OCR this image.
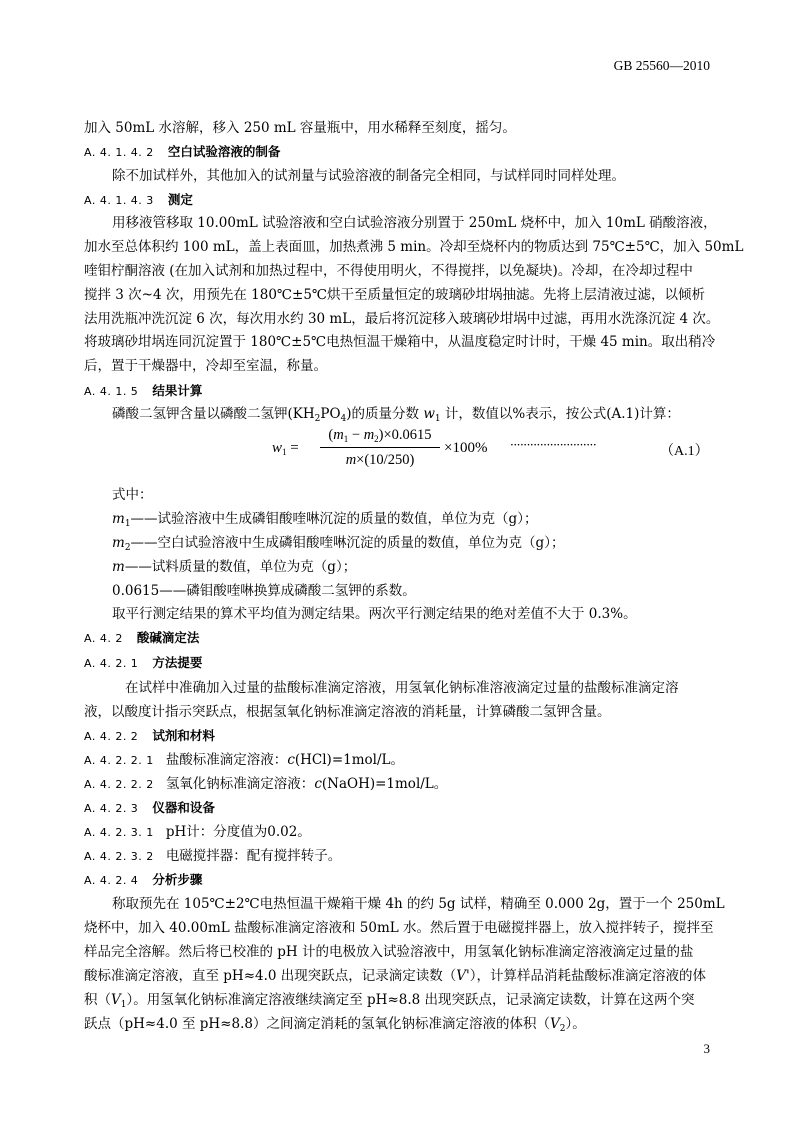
GB 25560—2010
加入 50mL 水溶解，移入 250 mL 容量瓶中，用水稀释至刻度，摇匀。
A. 4. 1. 4. 2 空白试验溶液的制备
除不加试样外，其他加入的试剂量与试验溶液的制备完全相同，与试样同时同样处理。
A. 4. 1. 4. 3 测定
用移液管移取 10.00mL 试验溶液和空白试验溶液分别置于 250mL 烧杯中，加入 10mL 硝酸溶液，
加水至总体积约 100 mL，盖上表面皿，加热煮沸 5 min。冷却至烧杯内的物质达到 75℃±5℃，加入 50mL
喹钼柠酮溶液 (在加入试剂和加热过程中，不得使用明火，不得搅拌，以免凝块)。冷却，在冷却过程中
搅拌 3 次~4 次，用预先在 180℃±5℃烘干至质量恒定的玻璃砂坩埚抽滤。先将上层清液过滤，以倾析
法用洗瓶冲洗沉淀 6 次，每次用水约 30 mL，最后将沉淀移入玻璃砂坩埚中过滤，再用水洗涤沉淀 4 次。
将玻璃砂坩埚连同沉淀置于 180℃±5℃电热恒温干燥箱中，从温度稳定时计时，干燥 45 min。取出稍冷
后，置于干燥器中，冷却至室温，称量。
A. 4. 1. 5 结果计算
磷酸二氢钾含量以磷酸二氢钾$(KH_2PO_4)$的质量分数 $w_1$ 计，数值以%表示，按公式(A.1)计算：
$w_1$ =
$(m_1 - m_2)\times 0.0615$
m×(10/250)
×100% ··························	（A.1）
式中：
$m_1——$试验溶液中生成磷钼酸喹啉沉淀的质量的数值，单位为克（g）；
$m_2——$空白试验溶液中生成磷钼酸喹啉沉淀的质量的数值，单位为克（g）；
m——试料质量的数值，单位为克（g）；
0.0615——磷钼酸喹啉换算成磷酸二氢钾的系数。
取平行测定结果的算术平均值为测定结果。两次平行测定结果的绝对差值不大于 0.3%。
A. 4. 2 酸碱滴定法
A. 4. 2. 1 方法提要
在试样中准确加入过量的盐酸标准滴定溶液，用氢氧化钠标准溶液滴定过量的盐酸标准滴定溶
液，以酸度计指示突跃点，根据氢氧化钠标准滴定溶液的消耗量，计算磷酸二氢钾含量。
A. 4. 2. 2 试剂和材料
A. 4. 2. 2. 1 盐酸标准滴定溶液：c(HCl)=1mol/L。
A. 4. 2. 2. 2 氢氧化钠标准滴定溶液：c(NaOH)=1mol/L。
A. 4. 2. 3 仪器和设备
A. 4. 2. 3. 1 pH计：分度值为0.02。
A. 4. 2. 3. 2 电磁搅拌器：配有搅拌转子。
A. 4. 2. 4 分析步骤
称取预先在 105℃±2℃电热恒温干燥箱干燥 4h 的约 5g 试样，精确至 0.000 2g，置于一个 250mL
烧杯中，加入 40.00mL 盐酸标准滴定溶液和 50mL 水。然后置于电磁搅拌器上，放入搅拌转子，搅拌至
样品完全溶解。然后将已校准的 pH 计的电极放入试验溶液中，用氢氧化钠标准滴定溶液滴定过量的盐
酸标准滴定溶液，直至 pH≈4.0 出现突跃点，记录滴定读数（V'），计算样品消耗盐酸标准滴定溶液的体
积$(V_1)$。用氢氧化钠标准滴定溶液继续滴定至 pH≈8.8 出现突跃点，记录滴定读数，计算在这两个突
跃点（pH≈4.0 至 pH≈8.8）之间滴定消耗的氢氧化钠标准滴定溶液的体积$(V_2)$。
3
